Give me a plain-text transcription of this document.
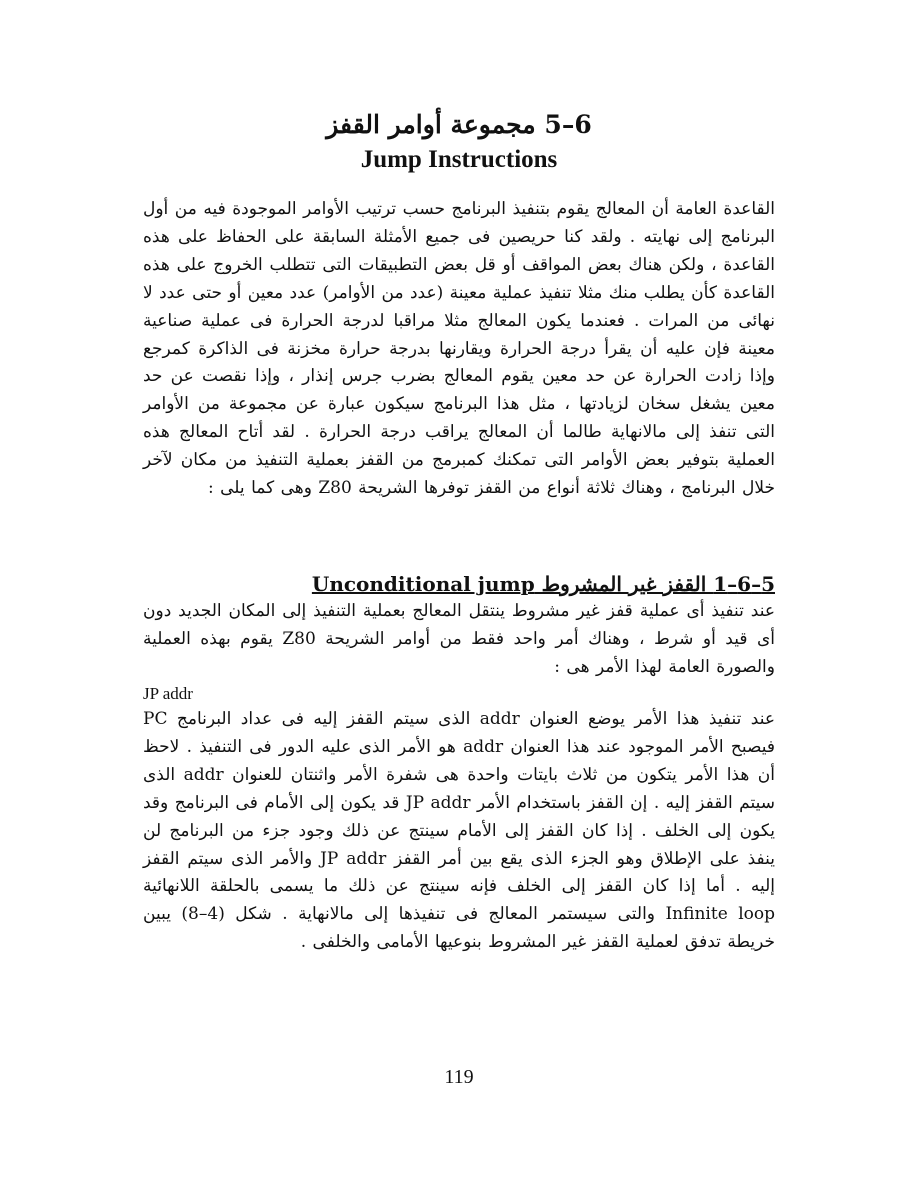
6–5 مجموعة أوامر القفز
Jump Instructions
القاعدة العامة أن المعالج يقوم بتنفيذ البرنامج حسب ترتيب الأوامر الموجودة فيه من أول البرنامج إلى نهايته . ولقد كنا حريصين فى جميع الأمثلة السابقة على الحفاظ على هذه القاعدة ، ولكن هناك بعض المواقف أو قل بعض التطبيقات التى تتطلب الخروج على هذه القاعدة كأن يطلب منك مثلا تنفيذ عملية معينة (عدد من الأوامر) عدد معين أو حتى عدد لا نهائى من المرات . فعندما يكون المعالج مثلا مراقبا لدرجة الحرارة فى عملية صناعية معينة فإن عليه أن يقرأ درجة الحرارة ويقارنها بدرجة حرارة مخزنة فى الذاكرة كمرجع وإذا زادت الحرارة عن حد معين يقوم المعالج بضرب جرس إنذار ، وإذا نقصت عن حد معين يشغل سخان لزيادتها ، مثل هذا البرنامج سيكون عبارة عن مجموعة من الأوامر التى تنفذ إلى مالانهاية طالما أن المعالج يراقب درجة الحرارة . لقد أتاح المعالج هذه العملية بتوفير بعض الأوامر التى تمكنك كمبرمج من القفز بعملية التنفيذ من مكان لآخر خلال البرنامج ، وهناك ثلاثة أنواع من القفز توفرها الشريحة Z80 وهى كما يلى :
5–6–1 القفز غير المشروط Unconditional jump
عند تنفيذ أى عملية قفز غير مشروط ينتقل المعالج بعملية التنفيذ إلى المكان الجديد دون أى قيد أو شرط ، وهناك أمر واحد فقط من أوامر الشريحة Z80 يقوم بهذه العملية والصورة العامة لهذا الأمر هى :
JP addr
عند تنفيذ هذا الأمر يوضع العنوان addr الذى سيتم القفز إليه فى عداد البرنامج PC فيصبح الأمر الموجود عند هذا العنوان addr هو الأمر الذى عليه الدور فى التنفيذ . لاحظ أن هذا الأمر يتكون من ثلاث بايتات واحدة هى شفرة الأمر واثنتان للعنوان addr الذى سيتم القفز إليه . إن القفز باستخدام الأمر JP addr قد يكون إلى الأمام فى البرنامج وقد يكون إلى الخلف . إذا كان القفز إلى الأمام سينتج عن ذلك وجود جزء من البرنامج لن ينفذ على الإطلاق وهو الجزء الذى يقع بين أمر القفز JP addr والأمر الذى سيتم القفز إليه . أما إذا كان القفز إلى الخلف فإنه سينتج عن ذلك ما يسمى بالحلقة اللانهائية Infinite loop والتى سيستمر المعالج فى تنفيذها إلى مالانهاية . شكل (4–8) يبين خريطة تدفق لعملية القفز غير المشروط بنوعيها الأمامى والخلفى .
119
